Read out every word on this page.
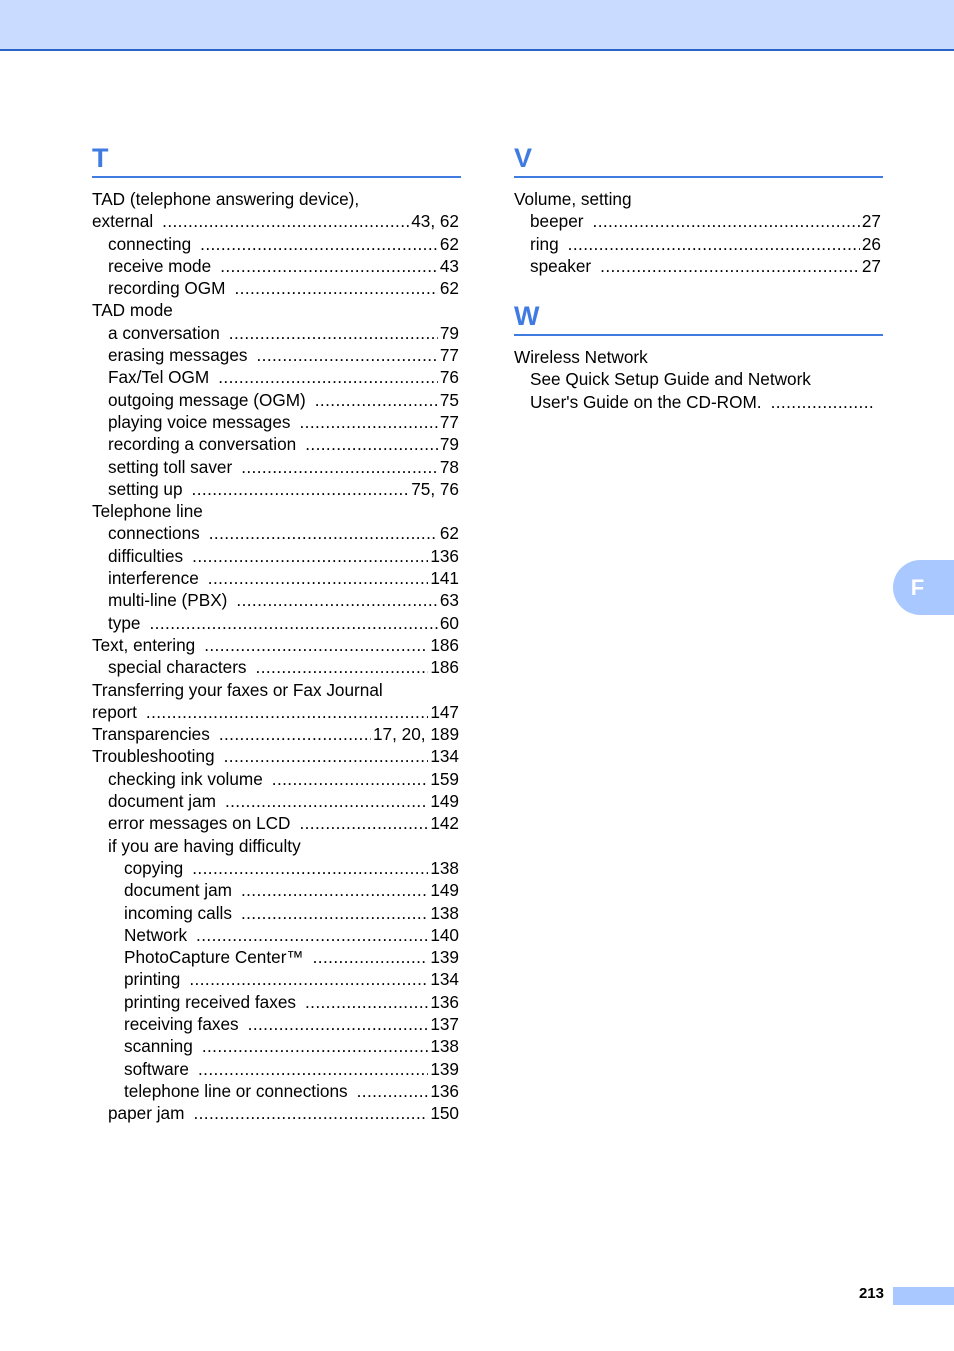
T
TAD (telephone answering device),
external .....	43, 62
connecting .....	62
receive mode .....	43
recording OGM .....	62
TAD mode
a conversation .....	79
erasing messages .....	77
Fax/Tel OGM .....	76
outgoing message (OGM) .....	75
playing voice messages .....	77
recording a conversation .....	79
setting toll saver .....	78
setting up .....	75, 76
Telephone line
connections .....	62
difficulties .....	136
interference .....	141
multi-line (PBX) .....	63
type .....	60
Text, entering .....	186
special characters .....	186
Transferring your faxes or Fax Journal
report .....	147
Transparencies .....	17, 20, 189
Troubleshooting .....	134
checking ink volume .....	159
document jam .....	149
error messages on LCD .....	142
if you are having difficulty
copying .....	138
document jam .....	149
incoming calls .....	138
Network .....	140
PhotoCapture Center™ .....	139
printing .....	134
printing received faxes .....	136
receiving faxes .....	137
scanning .....	138
software .....	139
telephone line or connections .....	136
paper jam .....	150
V
Volume, setting
beeper .....	27
ring .....	26
speaker .....	27
W
Wireless Network
See Quick Setup Guide and Network
User's Guide on the CD-ROM.
.....
F
213
